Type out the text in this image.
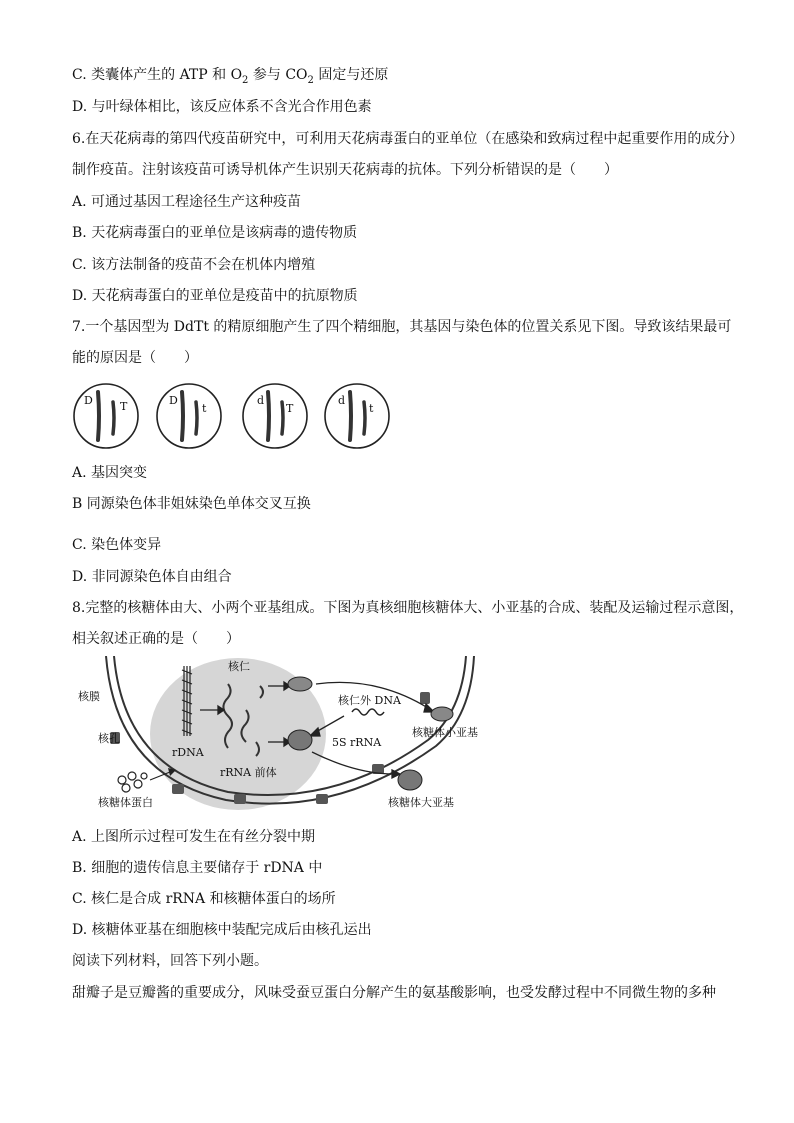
C. 类囊体产生的 ATP 和 $O_2$ 参与 $CO_2$ 固定与还原
D. 与叶绿体相比，该反应体系不含光合作用色素
6.在天花病毒的第四代疫苗研究中，可利用天花病毒蛋白的亚单位（在感染和致病过程中起重要作用的成分）
制作疫苗。注射该疫苗可诱导机体产生识别天花病毒的抗体。下列分析错误的是（　　）
A. 可通过基因工程途径生产这种疫苗
B. 天花病毒蛋白的亚单位是该病毒的遗传物质
C. 该方法制备的疫苗不会在机体内增殖
D. 天花病毒蛋白的亚单位是疫苗中的抗原物质
7.一个基因型为 DdTt 的精原细胞产生了四个精细胞，其基因与染色体的位置关系见下图。导致该结果最可
能的原因是（　　）
D T	D
t
d
T
d
t
A. 基因突变
B 同源染色体非姐妹染色单体交叉互换
C. 染色体变异
D. 非同源染色体自由组合
8.完整的核糖体由大、小两个亚基组成。下图为真核细胞核糖体大、小亚基的合成、装配及运输过程示意图，
相关叙述正确的是（　　）
核仁
核膜
核孔
rDNA
rRNA 前体
核仁外 DNA
5S rRNA
核糖体小亚基
核糖体大亚基
核糖体蛋白
A. 上图所示过程可发生在有丝分裂中期
B. 细胞的遗传信息主要储存于 rDNA 中
C. 核仁是合成 rRNA 和核糖体蛋白的场所
D. 核糖体亚基在细胞核中装配完成后由核孔运出
阅读下列材料，回答下列小题。
甜瓣子是豆瓣酱的重要成分，风味受蚕豆蛋白分解产生的氨基酸影响，也受发酵过程中不同微生物的多种
